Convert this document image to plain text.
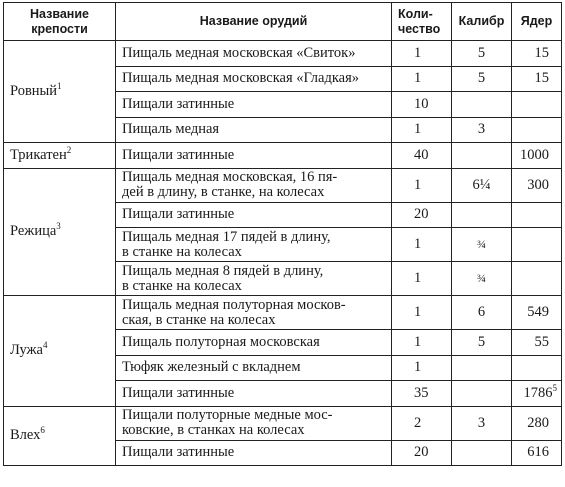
Название
крепости	Название орудий	Коли-
чество	Калибр	Ядер
Ровный$^1$	Пищаль медная московская «Свиток»	1	5	15

	Пищаль медная московская «Гладкая»	1	5	15

	Пищали затинные	10		

	Пищаль медная	1	3	
Трикатен$^2$	Пищали затинные	40		1000
Режица$^3$	Пищаль медная московская, 16 пя-
дей в длину, в станке, на колесах	1	6¼	300

	Пищали затинные	20		

	Пищаль медная 17 пядей в длину,
в станке на колесах	1	¾	

	Пищаль медная 8 пядей в длину,
в станке на колесах	1	¾	
Лужа$^4$	Пищаль медная полуторная москов-
ская, в станке на колесах	1	6	549

	Пищаль полуторная московская	1	5	55

	Тюфяк железный с вкладнем	1		

	Пищали затинные	35		1786$^5$
Влех$^6$	Пищали полуторные медные мос-
ковские, в станках на колесах	2	3	280

	Пищали затинные	20		616
